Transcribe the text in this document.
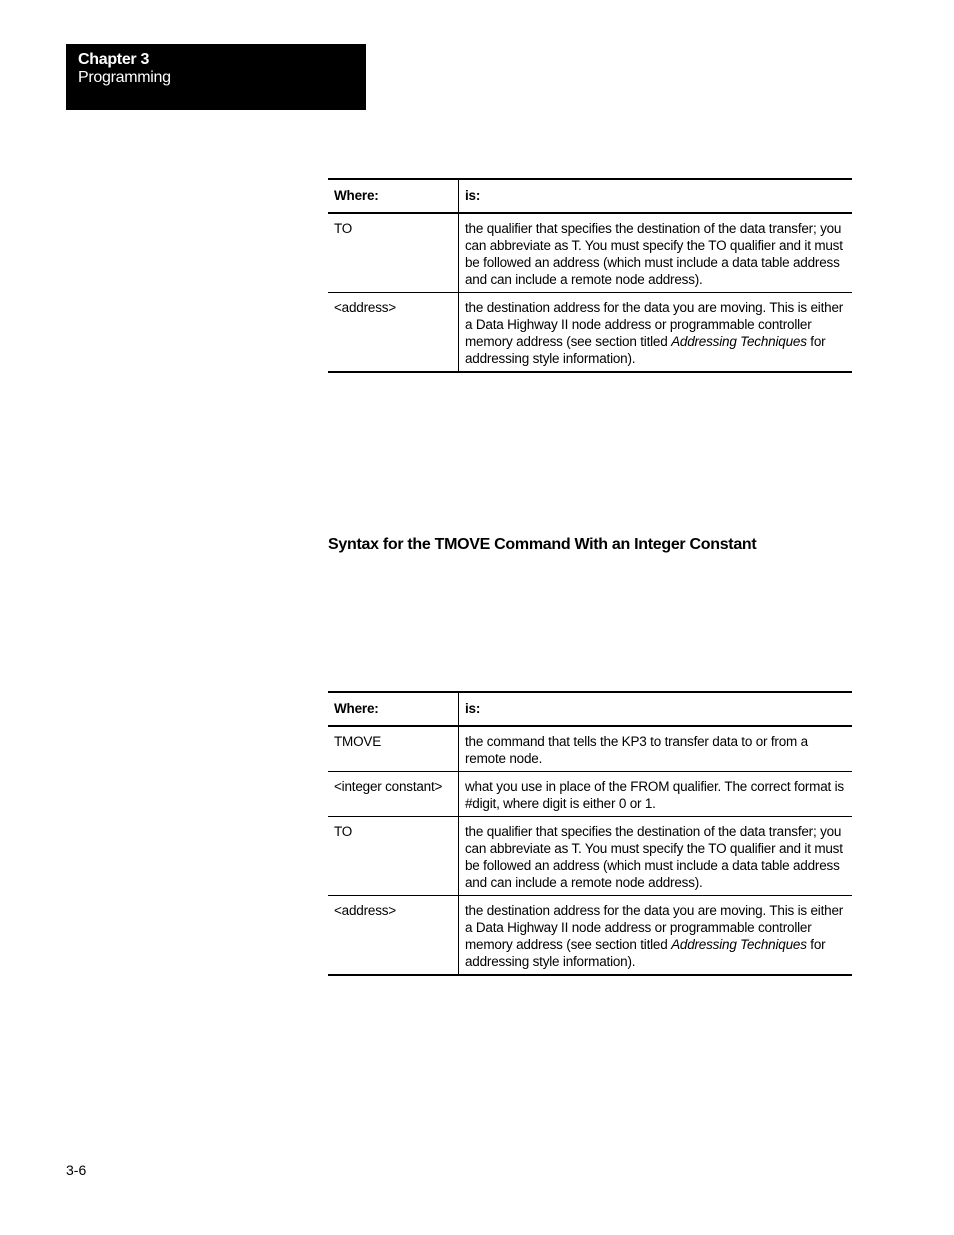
Chapter 3
Programming
Where:	is:
TO	the qualifier that specifies the destination of the data transfer; you can abbreviate as T. You must specify the TO qualifier and it must be followed an address (which must include a data table address and can include a remote node address).
<address>	the destination address for the data you are moving. This is either a Data Highway II node address or programmable controller memory address (see section titled Addressing Techniques for addressing style information).
Syntax for the TMOVE Command With an Integer Constant
Where:	is:
TMOVE	the command that tells the KP3 to transfer data to or from a remote node.
<integer constant>	what you use in place of the FROM qualifier. The correct format is #digit, where digit is either 0 or 1.
TO	the qualifier that specifies the destination of the data transfer; you can abbreviate as T. You must specify the TO qualifier and it must be followed an address (which must include a data table address and can include a remote node address).
<address>	the destination address for the data you are moving. This is either a Data Highway II node address or programmable controller memory address (see section titled Addressing Techniques for addressing style information).
3-6
